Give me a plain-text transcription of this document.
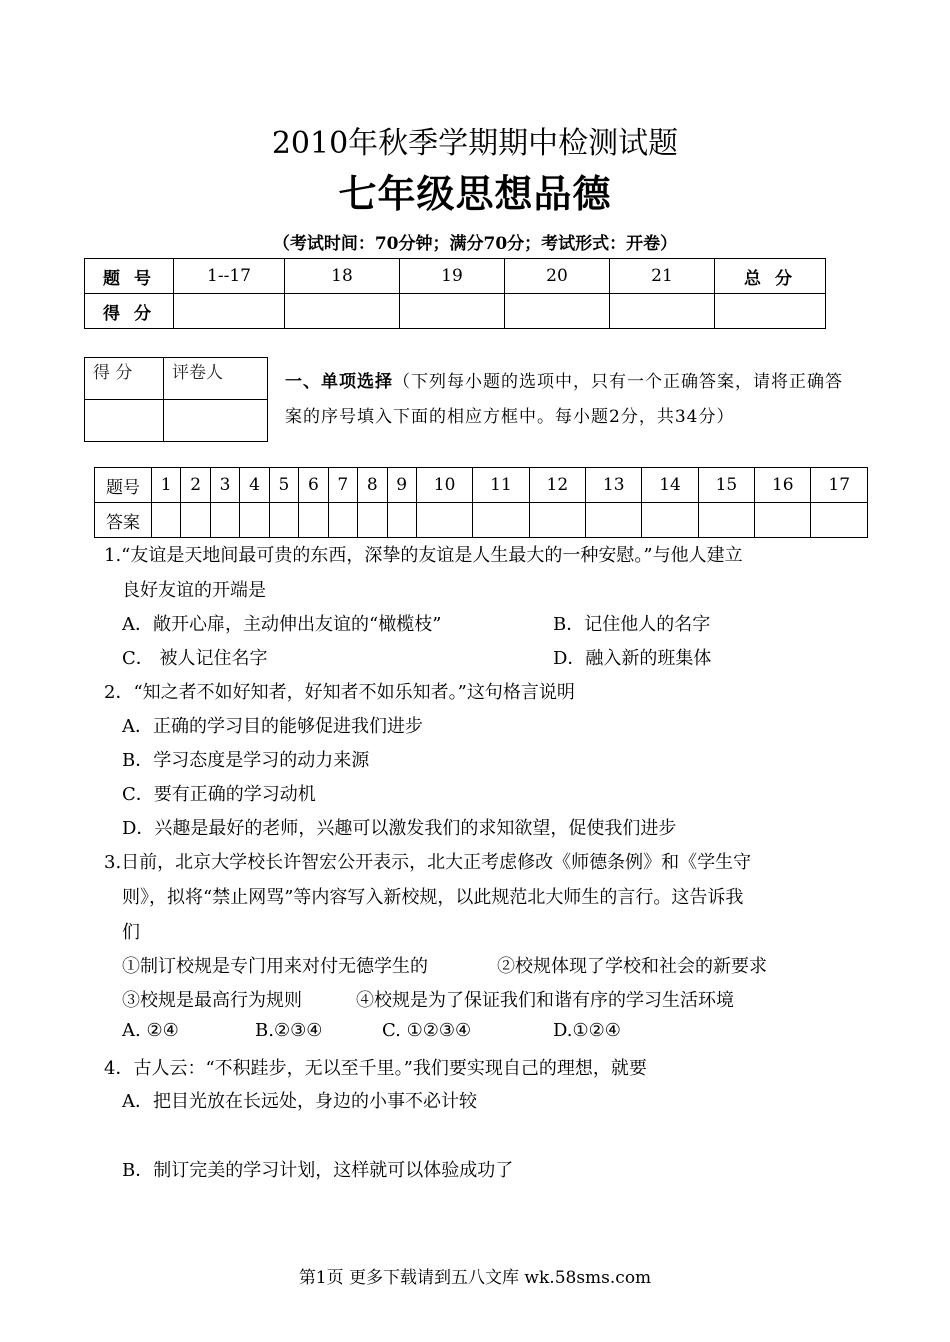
2010年秋季学期期中检测试题
七年级思想品德
（考试时间：70分钟；满分70分；考试形式：开卷）
题 号	1--17	18	19	20	21	总 分
得 分						
得 分	评卷人
		一、单项选择（下列每小题的选项中，只有一个正确答案，请将正确答案的序号填入下面的相应方框中。每小题2分，共34分）
题号	1	2	3	4	5	6	7	8	9	10	11	12	13	14	15	16	17
答案																	
1.“友谊是天地间最可贵的东西，深挚的友谊是人生最大的一种安慰。”与他人建立
良好友谊的开端是
A．敞开心扉，主动伸出友谊的“橄榄枝”	B．记住他人的名字
C． 被人记住名字	D．融入新的班集体
2．“知之者不如好知者，好知者不如乐知者。”这句格言说明
A．正确的学习目的能够促进我们进步
B．学习态度是学习的动力来源
C．要有正确的学习动机
D．兴趣是最好的老师，兴趣可以激发我们的求知欲望，促使我们进步
3.日前，北京大学校长许智宏公开表示，北大正考虑修改《师德条例》和《学生守
则》，拟将“禁止网骂”等内容写入新校规，以此规范北大师生的言行。这告诉我
们
①制订校规是专门用来对付无德学生的	②校规体现了学校和社会的新要求
③校规是最高行为规则	④校规是为了保证我们和谐有序的学习生活环境
A. ②④	B.②③④	C. ①②③④	D.①②④
4．古人云：“不积跬步，无以至千里。”我们要实现自己的理想，就要
A．把目光放在长远处，身边的小事不必计较
B．制订完美的学习计划，这样就可以体验成功了
第1页 更多下载请到五八文库 wk.58sms.com
